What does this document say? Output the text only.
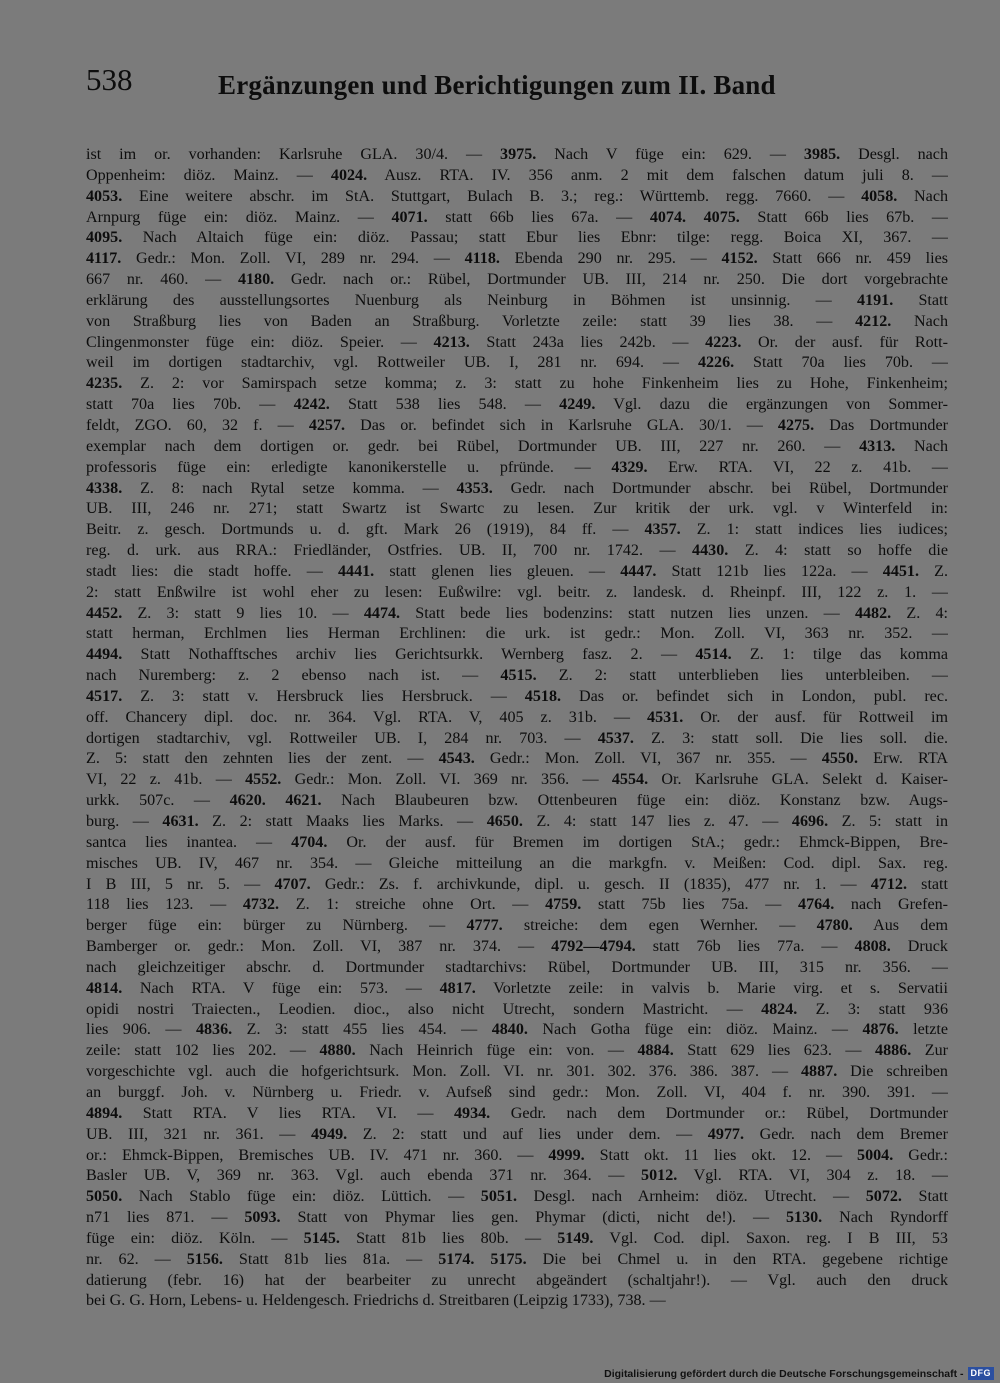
538	Ergänzungen und Berichtigungen zum II. Band
ist im or. vorhanden: Karlsruhe GLA. 30/4. — 3975. Nach V füge ein: 629. — 3985. Desgl. nach
Oppenheim: diöz. Mainz. — 4024. Ausz. RTA. IV. 356 anm. 2 mit dem falschen datum juli 8. —
4053. Eine weitere abschr. im StA. Stuttgart, Bulach B. 3.; reg.: Württemb. regg. 7660. — 4058. Nach
Arnpurg füge ein: diöz. Mainz. — 4071. statt 66b lies 67a. — 4074. 4075. Statt 66b lies 67b. —
4095. Nach Altaich füge ein: diöz. Passau; statt Ebur lies Ebnr: tilge: regg. Boica XI, 367. —
4117. Gedr.: Mon. Zoll. VI, 289 nr. 294. — 4118. Ebenda 290 nr. 295. — 4152. Statt 666 nr. 459 lies
667 nr. 460. — 4180. Gedr. nach or.: Rübel, Dortmunder UB. III, 214 nr. 250. Die dort vorgebrachte
erklärung des ausstellungsortes Nuenburg als Neinburg in Böhmen ist unsinnig. — 4191. Statt
von Straßburg lies von Baden an Straßburg. Vorletzte zeile: statt 39 lies 38. — 4212. Nach
Clingenmonster füge ein: diöz. Speier. — 4213. Statt 243a lies 242b. — 4223. Or. der ausf. für Rott-
weil im dortigen stadtarchiv, vgl. Rottweiler UB. I, 281 nr. 694. — 4226. Statt 70a lies 70b. —
4235. Z. 2: vor Samirspach setze komma; z. 3: statt zu hohe Finkenheim lies zu Hohe, Finkenheim;
statt 70a lies 70b. — 4242. Statt 538 lies 548. — 4249. Vgl. dazu die ergänzungen von Sommer-
feldt, ZGO. 60, 32 f. — 4257. Das or. befindet sich in Karlsruhe GLA. 30/1. — 4275. Das Dortmunder
exemplar nach dem dortigen or. gedr. bei Rübel, Dortmunder UB. III, 227 nr. 260. — 4313. Nach
professoris füge ein: erledigte kanonikerstelle u. pfründe. — 4329. Erw. RTA. VI, 22 z. 41b. —
4338. Z. 8: nach Rytal setze komma. — 4353. Gedr. nach Dortmunder abschr. bei Rübel, Dortmunder
UB. III, 246 nr. 271; statt Swartz ist Swartc zu lesen. Zur kritik der urk. vgl. v Winterfeld in:
Beitr. z. gesch. Dortmunds u. d. gft. Mark 26 (1919), 84 ff. — 4357. Z. 1: statt indices lies iudices;
reg. d. urk. aus RRA.: Friedländer, Ostfries. UB. II, 700 nr. 1742. — 4430. Z. 4: statt so hoffe die
stadt lies: die stadt hoffe. — 4441. statt glenen lies gleuen. — 4447. Statt 121b lies 122a. — 4451. Z.
2: statt Enßwilre ist wohl eher zu lesen: Eußwilre: vgl. beitr. z. landesk. d. Rheinpf. III, 122 z. 1. —
4452. Z. 3: statt 9 lies 10. — 4474. Statt bede lies bodenzins: statt nutzen lies unzen. — 4482. Z. 4:
statt herman, Erchlmen lies Herman Erchlinen: die urk. ist gedr.: Mon. Zoll. VI, 363 nr. 352. —
4494. Statt Nothafftsches archiv lies Gerichtsurkk. Wernberg fasz. 2. — 4514. Z. 1: tilge das komma
nach Nuremberg: z. 2 ebenso nach ist. — 4515. Z. 2: statt unterblieben lies unterbleiben. —
4517. Z. 3: statt v. Hersbruck lies Hersbruck. — 4518. Das or. befindet sich in London, publ. rec.
off. Chancery dipl. doc. nr. 364. Vgl. RTA. V, 405 z. 31b. — 4531. Or. der ausf. für Rottweil im
dortigen stadtarchiv, vgl. Rottweiler UB. I, 284 nr. 703. — 4537. Z. 3: statt soll. Die lies soll. die.
Z. 5: statt den zehnten lies der zent. — 4543. Gedr.: Mon. Zoll. VI, 367 nr. 355. — 4550. Erw. RTA
VI, 22 z. 41b. — 4552. Gedr.: Mon. Zoll. VI. 369 nr. 356. — 4554. Or. Karlsruhe GLA. Selekt d. Kaiser-
urkk. 507c. — 4620. 4621. Nach Blaubeuren bzw. Ottenbeuren füge ein: diöz. Konstanz bzw. Augs-
burg. — 4631. Z. 2: statt Maaks lies Marks. — 4650. Z. 4: statt 147 lies z. 47. — 4696. Z. 5: statt in
santca lies inantea. — 4704. Or. der ausf. für Bremen im dortigen StA.; gedr.: Ehmck-Bippen, Bre-
misches UB. IV, 467 nr. 354. — Gleiche mitteilung an die markgfn. v. Meißen: Cod. dipl. Sax. reg.
I B III, 5 nr. 5. — 4707. Gedr.: Zs. f. archivkunde, dipl. u. gesch. II (1835), 477 nr. 1. — 4712. statt
118 lies 123. — 4732. Z. 1: streiche ohne Ort. — 4759. statt 75b lies 75a. — 4764. nach Grefen-
berger füge ein: bürger zu Nürnberg. — 4777. streiche: dem egen Wernher. — 4780. Aus dem
Bamberger or. gedr.: Mon. Zoll. VI, 387 nr. 374. — 4792—4794. statt 76b lies 77a. — 4808. Druck
nach gleichzeitiger abschr. d. Dortmunder stadtarchivs: Rübel, Dortmunder UB. III, 315 nr. 356. —
4814. Nach RTA. V füge ein: 573. — 4817. Vorletzte zeile: in valvis b. Marie virg. et s. Servatii
opidi nostri Traiecten., Leodien. dioc., also nicht Utrecht, sondern Mastricht. — 4824. Z. 3: statt 936
lies 906. — 4836. Z. 3: statt 455 lies 454. — 4840. Nach Gotha füge ein: diöz. Mainz. — 4876. letzte
zeile: statt 102 lies 202. — 4880. Nach Heinrich füge ein: von. — 4884. Statt 629 lies 623. — 4886. Zur
vorgeschichte vgl. auch die hofgerichtsurk. Mon. Zoll. VI. nr. 301. 302. 376. 386. 387. — 4887. Die schreiben
an burggf. Joh. v. Nürnberg u. Friedr. v. Aufseß sind gedr.: Mon. Zoll. VI, 404 f. nr. 390. 391. —
4894. Statt RTA. V lies RTA. VI. — 4934. Gedr. nach dem Dortmunder or.: Rübel, Dortmunder
UB. III, 321 nr. 361. — 4949. Z. 2: statt und auf lies under dem. — 4977. Gedr. nach dem Bremer
or.: Ehmck-Bippen, Bremisches UB. IV. 471 nr. 360. — 4999. Statt okt. 11 lies okt. 12. — 5004. Gedr.:
Basler UB. V, 369 nr. 363. Vgl. auch ebenda 371 nr. 364. — 5012. Vgl. RTA. VI, 304 z. 18. —
5050. Nach Stablo füge ein: diöz. Lüttich. — 5051. Desgl. nach Arnheim: diöz. Utrecht. — 5072. Statt
n71 lies 871. — 5093. Statt von Phymar lies gen. Phymar (dicti, nicht de!). — 5130. Nach Ryndorff
füge ein: diöz. Köln. — 5145. Statt 81b lies 80b. — 5149. Vgl. Cod. dipl. Saxon. reg. I B III, 53
nr. 62. — 5156. Statt 81b lies 81a. — 5174. 5175. Die bei Chmel u. in den RTA. gegebene richtige
datierung (febr. 16) hat der bearbeiter zu unrecht abgeändert (schaltjahr!). — Vgl. auch den druck
bei G. G. Horn, Lebens- u. Heldengesch. Friedrichs d. Streitbaren (Leipzig 1733), 738. —
Digitalisierung gefördert durch die Deutsche Forschungsgemeinschaft - DFG
